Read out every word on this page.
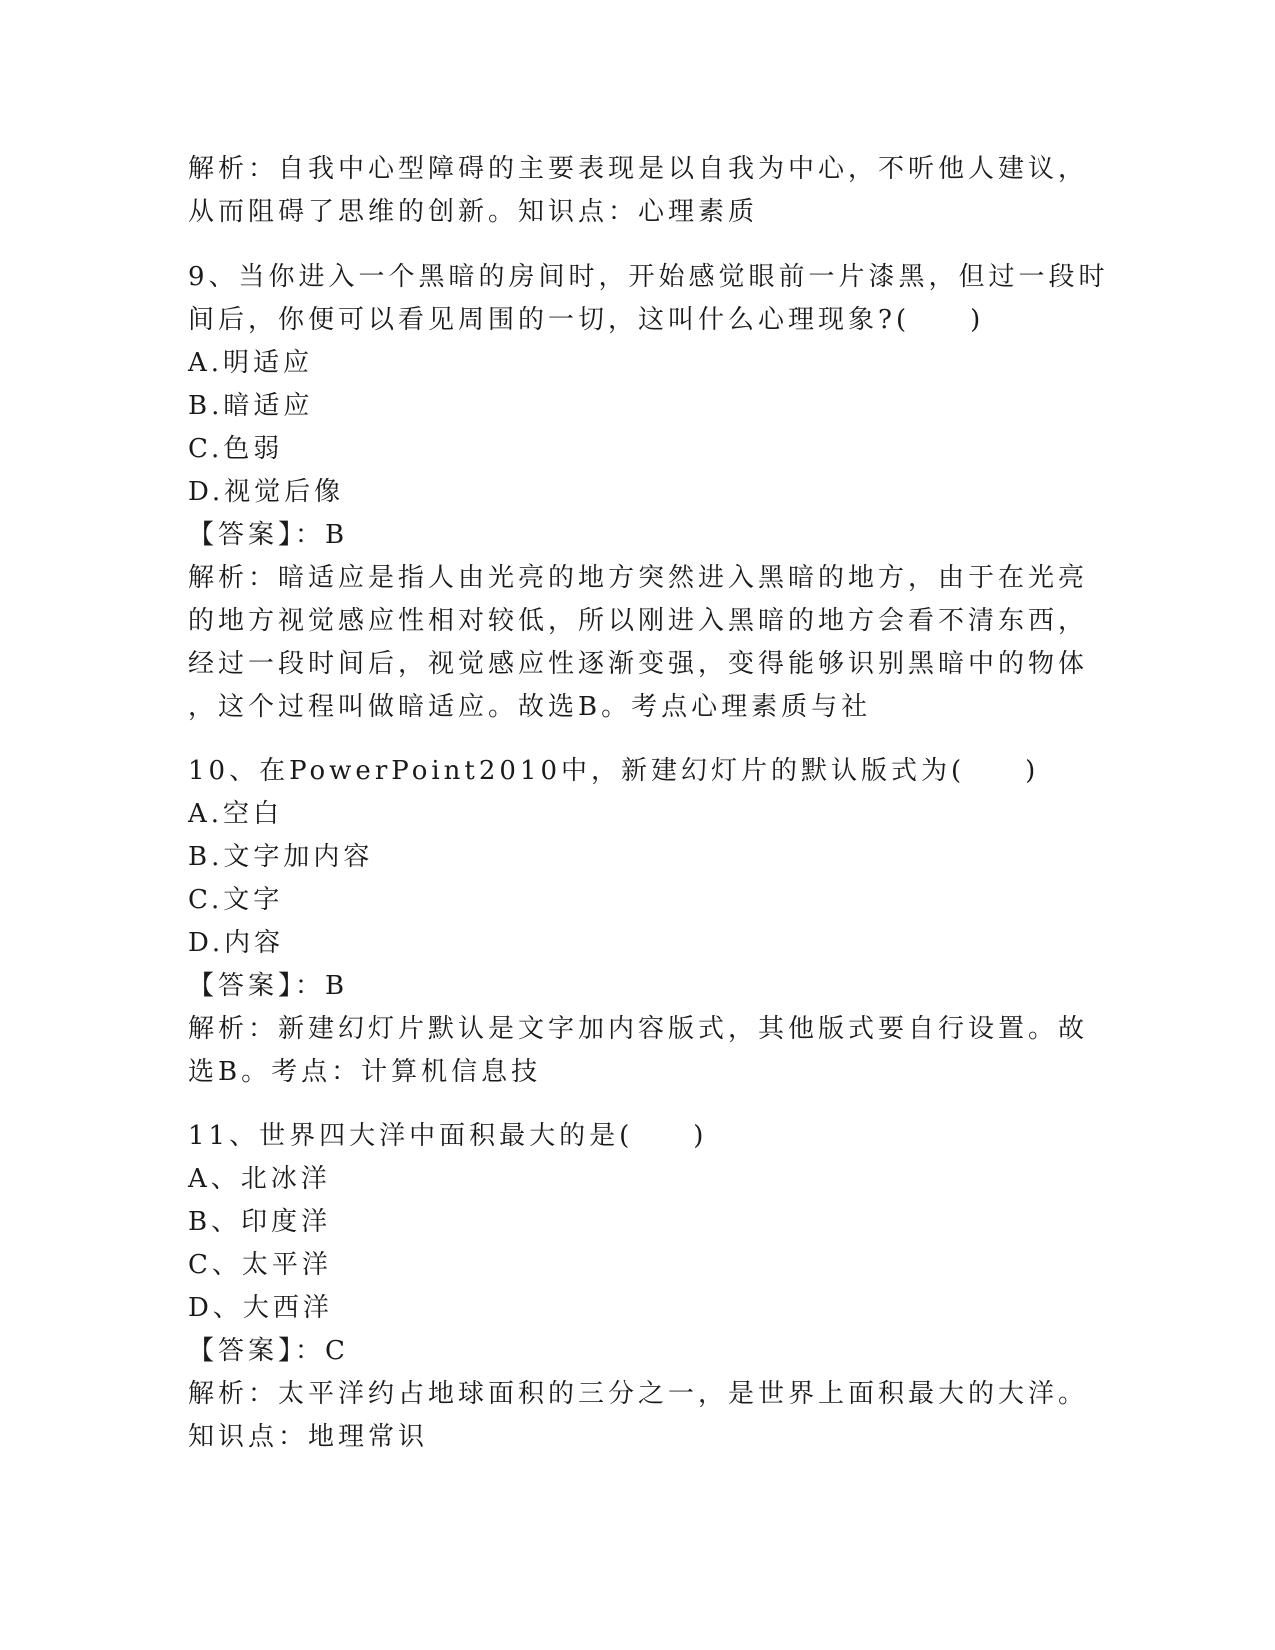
解析：自我中心型障碍的主要表现是以自我为中心，不听他人建议，
从而阻碍了思维的创新。知识点：心理素质
9、当你进入一个黑暗的房间时，开始感觉眼前一片漆黑，但过一段时
间后，你便可以看见周围的一切，这叫什么心理现象?(　　)
A.明适应
B.暗适应
C.色弱
D.视觉后像
【答案】：B
解析：暗适应是指人由光亮的地方突然进入黑暗的地方，由于在光亮
的地方视觉感应性相对较低，所以刚进入黑暗的地方会看不清东西，
经过一段时间后，视觉感应性逐渐变强，变得能够识别黑暗中的物体
，这个过程叫做暗适应。故选B。考点心理素质与社
10、在PowerPoint2010中，新建幻灯片的默认版式为(　　)
A.空白
B.文字加内容
C.文字
D.内容
【答案】：B
解析：新建幻灯片默认是文字加内容版式，其他版式要自行设置。故
选B。考点：计算机信息技
11、世界四大洋中面积最大的是(　　)
A、北冰洋
B、印度洋
C、太平洋
D、大西洋
【答案】：C
解析：太平洋约占地球面积的三分之一，是世界上面积最大的大洋。
知识点：地理常识
